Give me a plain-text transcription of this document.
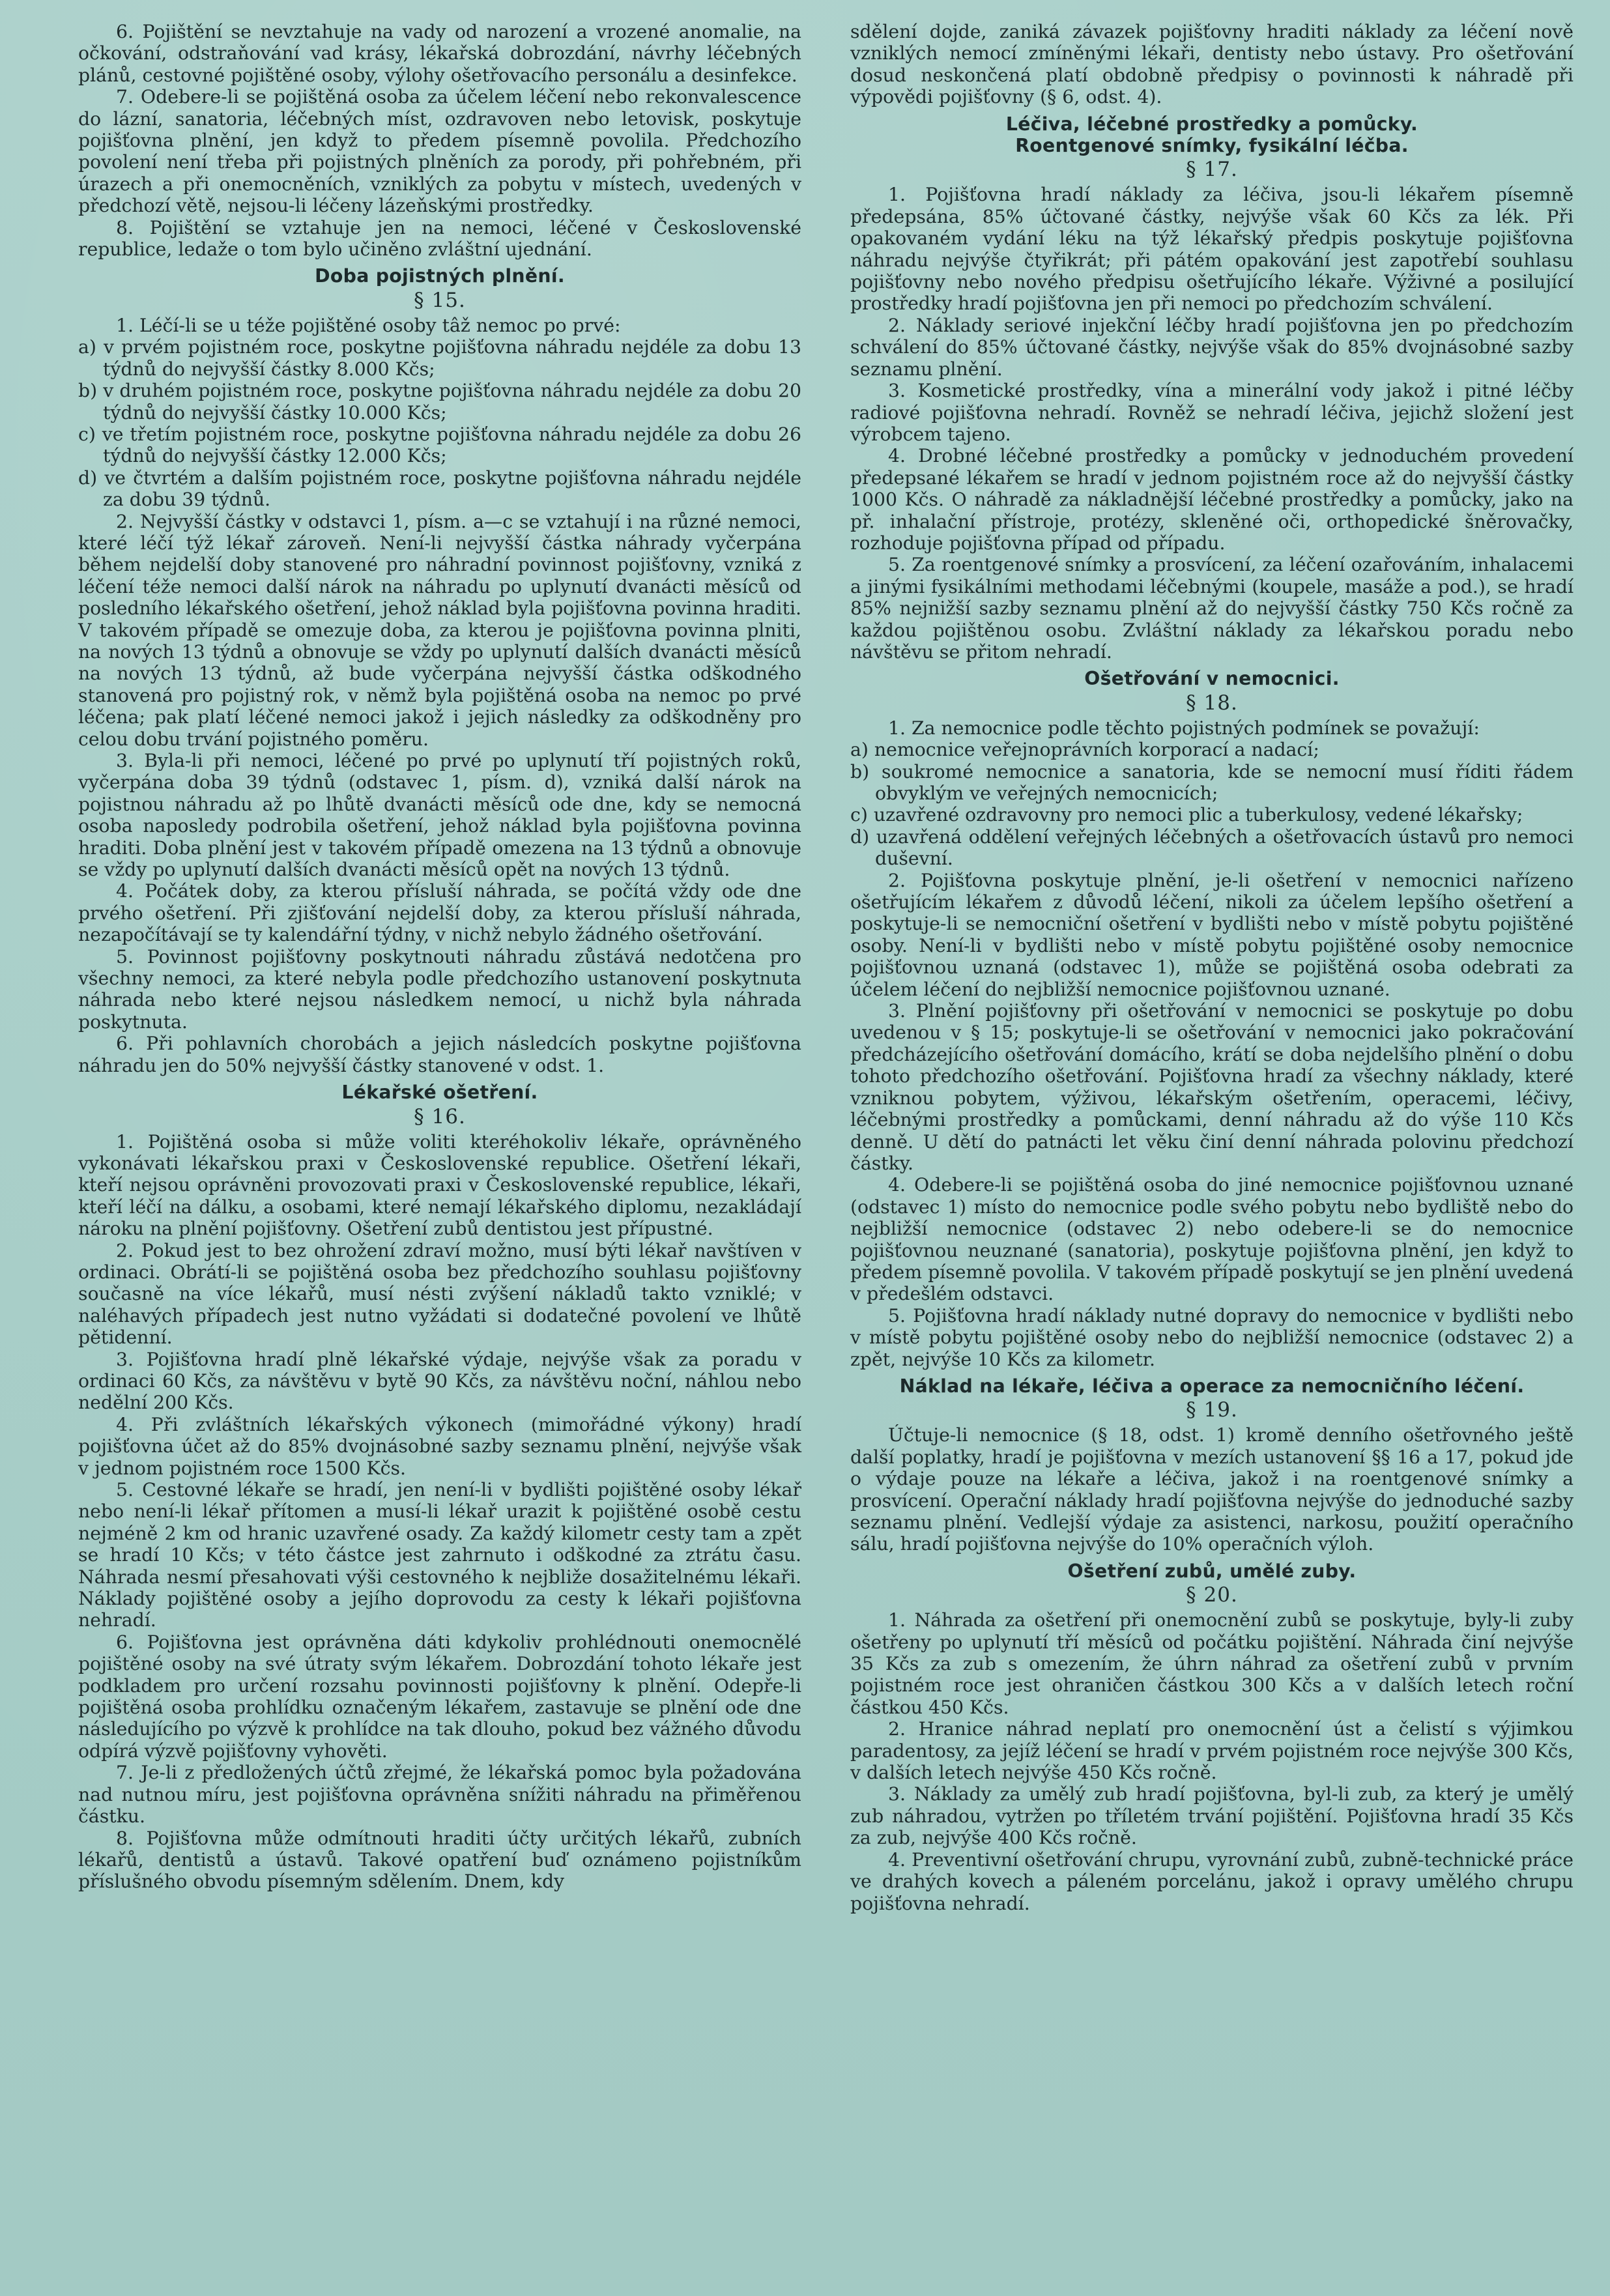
6. Pojištění se nevztahuje na vady od narození a vrozené anomalie, na očkování, odstraňování vad krásy, lékařská dobrozdání, návrhy léčebných plánů, cestovné pojištěné osoby, výlohy ošetřovacího personálu a desinfekce.

7. Odebere-li se pojištěná osoba za účelem léčení nebo rekonvalescence do lázní, sanatoria, léčebných míst, ozdravoven nebo letovisk, poskytuje pojišťovna plnění, jen když to předem písemně povolila. Předchozího povolení není třeba při pojistných plněních za porody, při pohřebném, při úrazech a při onemocněních, vzniklých za pobytu v místech, uvedených v předchozí větě, nejsou-li léčeny lázeňskými prostředky.

8. Pojištění se vztahuje jen na nemoci, léčené v Československé republice, ledaže o tom bylo učiněno zvláštní ujednání.

Doba pojistných plnění.
§ 15.

1. Léčí-li se u téže pojištěné osoby tâž nemoc po prvé:

a) v prvém pojistném roce, poskytne pojišťovna náhradu nejdéle za dobu 13 týdnů do nejvyšší částky 8.000 Kčs;

b) v druhém pojistném roce, poskytne pojišťovna náhradu nejdéle za dobu 20 týdnů do nejvyšší částky 10.000 Kčs;

c) ve třetím pojistném roce, poskytne pojišťovna náhradu nejdéle za dobu 26 týdnů do nejvyšší částky 12.000 Kčs;

d) ve čtvrtém a dalším pojistném roce, poskytne pojišťovna náhradu nejdéle za dobu 39 týdnů.

2. Nejvyšší částky v odstavci 1, písm. a—c se vztahují i na různé nemoci, které léčí týž lékař zároveň. Není-li nejvyšší částka náhrady vyčerpána během nejdelší doby stanovené pro náhradní povinnost pojišťovny, vzniká z léčení téže nemoci další nárok na náhradu po uplynutí dvanácti měsíců od posledního lékařského ošetření, jehož náklad byla pojišťovna povinna hraditi. V takovém případě se omezuje doba, za kterou je pojišťovna povinna plniti, na nových 13 týdnů a obnovuje se vždy po uplynutí dalších dvanácti měsíců na nových 13 týdnů, až bude vyčerpána nejvyšší částka odškodného stanovená pro pojistný rok, v němž byla pojištěná osoba na nemoc po prvé léčena; pak platí léčené nemoci jakož i jejich následky za odškodněny pro celou dobu trvání pojistného poměru.

3. Byla-li při nemoci, léčené po prvé po uplynutí tří pojistných roků, vyčerpána doba 39 týdnů (odstavec 1, písm. d), vzniká další nárok na pojistnou náhradu až po lhůtě dvanácti měsíců ode dne, kdy se nemocná osoba naposledy podrobila ošetření, jehož náklad byla pojišťovna povinna hraditi. Doba plnění jest v takovém případě omezena na 13 týdnů a obnovuje se vždy po uplynutí dalších dvanácti měsíců opět na nových 13 týdnů.

4. Počátek doby, za kterou přísluší náhrada, se počítá vždy ode dne prvého ošetření. Při zjišťování nejdelší doby, za kterou přísluší náhrada, nezapočítávají se ty kalendářní týdny, v nichž nebylo žádného ošetřování.

5. Povinnost pojišťovny poskytnouti náhradu zůstává nedotčena pro všechny nemoci, za které nebyla podle předchozího ustanovení poskytnuta náhrada nebo které nejsou následkem nemocí, u nichž byla náhrada poskytnuta.

6. Při pohlavních chorobách a jejich následcích poskytne pojišťovna náhradu jen do 50% nejvyšší částky stanovené v odst. 1.

Lékařské ošetření.
§ 16.

1. Pojištěná osoba si může voliti kteréhokoliv lékaře, oprávněného vykonávati lékařskou praxi v Československé republice. Ošetření lékaři, kteří nejsou oprávněni provozovati praxi v Československé republice, lékaři, kteří léčí na dálku, a osobami, které nemají lékařského diplomu, nezakládají nároku na plnění pojišťovny. Ošetření zubů dentistou jest přípustné.

2. Pokud jest to bez ohrožení zdraví možno, musí býti lékař navštíven v ordinaci. Obrátí-li se pojištěná osoba bez předchozího souhlasu pojišťovny současně na více lékařů, musí nésti zvýšení nákladů takto vzniklé; v naléhavých případech jest nutno vyžádati si dodatečné povolení ve lhůtě pětidenní.

3. Pojišťovna hradí plně lékařské výdaje, nejvýše však za poradu v ordinaci 60 Kčs, za návštěvu v bytě 90 Kčs, za návštěvu noční, náhlou nebo nedělní 200 Kčs.

4. Při zvláštních lékařských výkonech (mimořádné výkony) hradí pojišťovna účet až do 85% dvojnásobné sazby seznamu plnění, nejvýše však v jednom pojistném roce 1500 Kčs.

5. Cestovné lékaře se hradí, jen není-li v bydlišti pojištěné osoby lékař nebo není-li lékař přítomen a musí-li lékař urazit k pojištěné osobě cestu nejméně 2 km od hranic uzavřené osady. Za každý kilometr cesty tam a zpět se hradí 10 Kčs; v této částce jest zahrnuto i odškodné za ztrátu času. Náhrada nesmí přesahovati výši cestovného k nejbliže dosažitelnému lékaři. Náklady pojištěné osoby a jejího doprovodu za cesty k lékaři pojišťovna nehradí.

6. Pojišťovna jest oprávněna dáti kdykoliv prohlédnouti onemocnělé pojištěné osoby na své útraty svým lékařem. Dobrozdání tohoto lékaře jest podkladem pro určení rozsahu povinnosti pojišťovny k plnění. Odepře-li pojištěná osoba prohlídku označeným lékařem, zastavuje se plnění ode dne následujícího po výzvě k prohlídce na tak dlouho, pokud bez vážného důvodu odpírá výzvě pojišťovny vyhověti.

7. Je-li z předložených účtů zřejmé, že lékařská pomoc byla požadována nad nutnou míru, jest pojišťovna oprávněna snížiti náhradu na přiměřenou částku.

8. Pojišťovna může odmítnouti hraditi účty určitých lékařů, zubních lékařů, dentistů a ústavů. Takové opatření buď oznámeno pojistníkům příslušného obvodu písemným sdělením. Dnem, kdy

sdělení dojde, zaniká závazek pojišťovny hraditi náklady za léčení nově vzniklých nemocí zmíněnými lékaři, dentisty nebo ústavy. Pro ošetřování dosud neskončená platí obdobně předpisy o povinnosti k náhradě při výpovědi pojišťovny (§ 6, odst. 4).

Léčiva, léčebné prostředky a pomůcky.
Roentgenové snímky, fysikální léčba.
§ 17.

1. Pojišťovna hradí náklady za léčiva, jsou-li lékařem písemně předepsána, 85% účtované částky, nejvýše však 60 Kčs za lék. Při opakovaném vydání léku na týž lékařský předpis poskytuje pojišťovna náhradu nejvýše čtyřikrát; při pátém opakování jest zapotřebí souhlasu pojišťovny nebo nového předpisu ošetřujícího lékaře. Výživné a posilující prostředky hradí pojišťovna jen při nemoci po předchozím schválení.

2. Náklady seriové injekční léčby hradí pojišťovna jen po předchozím schválení do 85% účtované částky, nejvýše však do 85% dvojnásobné sazby seznamu plnění.

3. Kosmetické prostředky, vína a minerální vody jakož i pitné léčby radiové pojišťovna nehradí. Rovněž se nehradí léčiva, jejichž složení jest výrobcem tajeno.

4. Drobné léčebné prostředky a pomůcky v jednoduchém provedení předepsané lékařem se hradí v jednom pojistném roce až do nejvyšší částky 1000 Kčs. O náhradě za nákladnější léčebné prostředky a pomůcky, jako na př. inhalační přístroje, protézy, skleněné oči, orthopedické šněrovačky, rozhoduje pojišťovna případ od případu.

5. Za roentgenové snímky a prosvícení, za léčení ozařováním, inhalacemi a jinými fysikálními methodami léčebnými (koupele, masáže a pod.), se hradí 85% nejnižší sazby seznamu plnění až do nejvyšší částky 750 Kčs ročně za každou pojištěnou osobu. Zvláštní náklady za lékařskou poradu nebo návštěvu se přitom nehradí.

Ošetřování v nemocnici.
§ 18.

1. Za nemocnice podle těchto pojistných podmínek se považují:

a) nemocnice veřejnoprávních korporací a nadací;

b) soukromé nemocnice a sanatoria, kde se nemocní musí říditi řádem obvyklým ve veřejných nemocnicích;

c) uzavřené ozdravovny pro nemoci plic a tuberkulosy, vedené lékařsky;

d) uzavřená oddělení veřejných léčebných a ošetřovacích ústavů pro nemoci duševní.

2. Pojišťovna poskytuje plnění, je-li ošetření v nemocnici nařízeno ošetřujícím lékařem z důvodů léčení, nikoli za účelem lepšího ošetření a poskytuje-li se nemocniční ošetření v bydlišti nebo v místě pobytu pojištěné osoby. Není-li v bydlišti nebo v místě pobytu pojištěné osoby nemocnice pojišťovnou uznaná (odstavec 1), může se pojištěná osoba odebrati za účelem léčení do nejbližší nemocnice pojišťovnou uznané.

3. Plnění pojišťovny při ošetřování v nemocnici se poskytuje po dobu uvedenou v § 15; poskytuje-li se ošetřování v nemocnici jako pokračování předcházejícího ošetřování domácího, krátí se doba nejdelšího plnění o dobu tohoto předchozího ošetřování. Pojišťovna hradí za všechny náklady, které vzniknou pobytem, výživou, lékařským ošetřením, operacemi, léčivy, léčebnými prostředky a pomůckami, denní náhradu až do výše 110 Kčs denně. U dětí do patnácti let věku činí denní náhrada polovinu předchozí částky.

4. Odebere-li se pojištěná osoba do jiné nemocnice pojišťovnou uznané (odstavec 1) místo do nemocnice podle svého pobytu nebo bydliště nebo do nejbližší nemocnice (odstavec 2) nebo odebere-li se do nemocnice pojišťovnou neuznané (sanatoria), poskytuje pojišťovna plnění, jen když to předem písemně povolila. V takovém případě poskytují se jen plnění uvedená v předešlém odstavci.

5. Pojišťovna hradí náklady nutné dopravy do nemocnice v bydlišti nebo v místě pobytu pojištěné osoby nebo do nejbližší nemocnice (odstavec 2) a zpět, nejvýše 10 Kčs za kilometr.

Náklad na lékaře, léčiva a operace za nemocničního léčení.
§ 19.

Účtuje-li nemocnice (§ 18, odst. 1) kromě denního ošetřovného ještě další poplatky, hradí je pojišťovna v mezích ustanovení §§ 16 a 17, pokud jde o výdaje pouze na lékaře a léčiva, jakož i na roentgenové snímky a prosvícení. Operační náklady hradí pojišťovna nejvýše do jednoduché sazby seznamu plnění. Vedlejší výdaje za asistenci, narkosu, použití operačního sálu, hradí pojišťovna nejvýše do 10% operačních výloh.

Ošetření zubů, umělé zuby.
§ 20.

1. Náhrada za ošetření při onemocnění zubů se poskytuje, byly-li zuby ošetřeny po uplynutí tří měsíců od počátku pojištění. Náhrada činí nejvýše 35 Kčs za zub s omezením, že úhrn náhrad za ošetření zubů v prvním pojistném roce jest ohraničen částkou 300 Kčs a v dalších letech roční částkou 450 Kčs.

2. Hranice náhrad neplatí pro onemocnění úst a čelistí s výjimkou paradentosy, za jejíž léčení se hradí v prvém pojistném roce nejvýše 300 Kčs, v dalších letech nejvýše 450 Kčs ročně.

3. Náklady za umělý zub hradí pojišťovna, byl-li zub, za který je umělý zub náhradou, vytržen po tříletém trvání pojištění. Pojišťovna hradí 35 Kčs za zub, nejvýše 400 Kčs ročně.

4. Preventivní ošetřování chrupu, vyrovnání zubů, zubně-technické práce ve drahých kovech a páleném porcelánu, jakož i opravy umělého chrupu pojišťovna nehradí.
